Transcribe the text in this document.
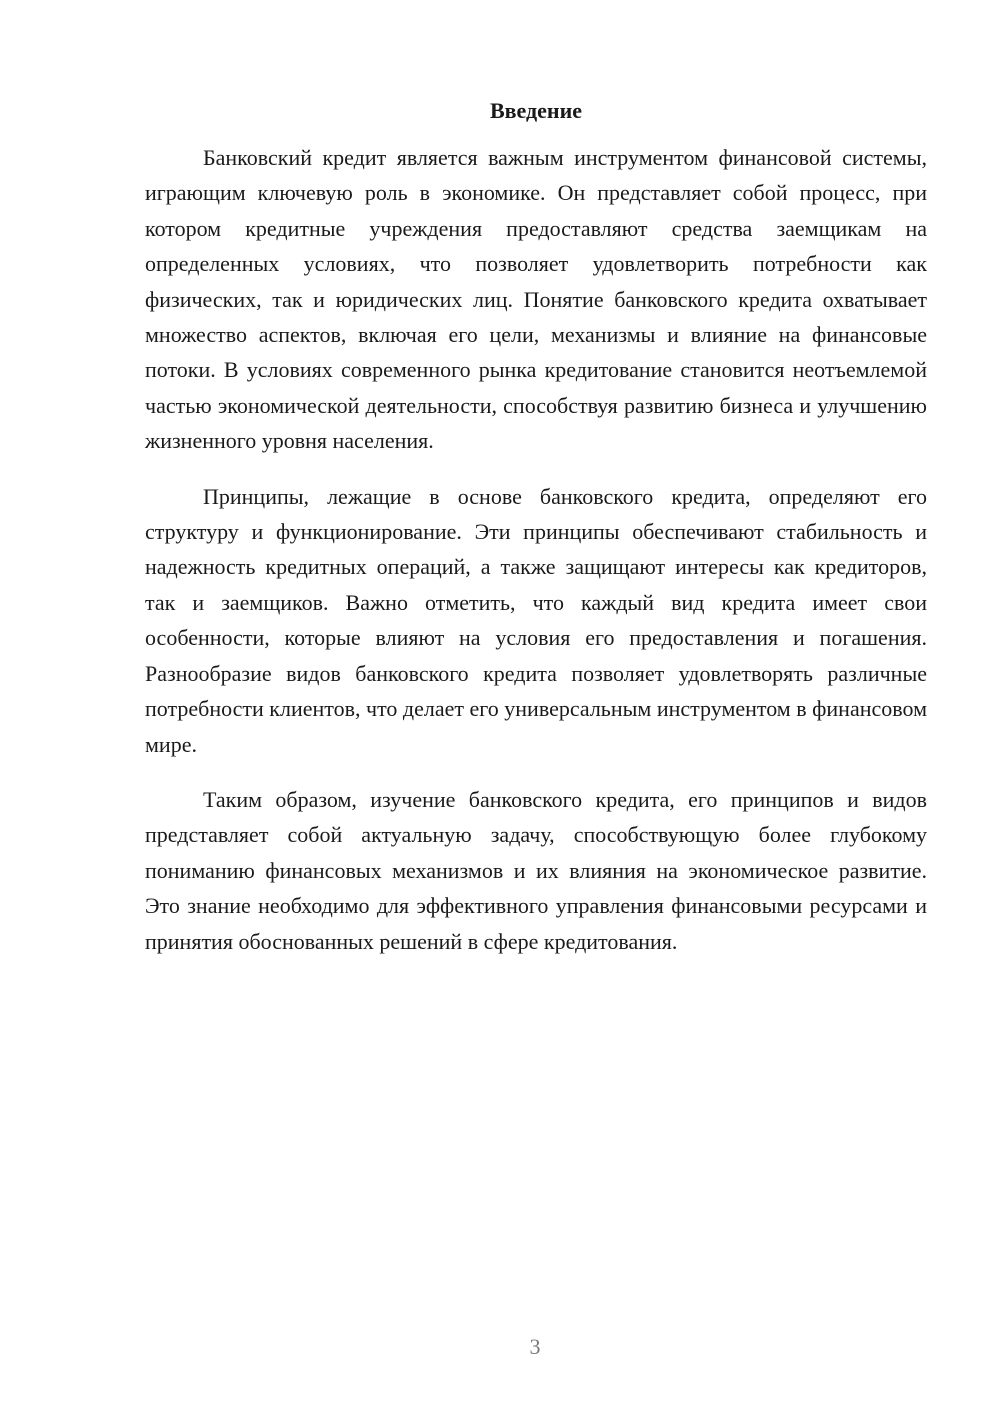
Введение

Банковский кредит является важным инструментом финансовой системы, играющим ключевую роль в экономике. Он представляет собой процесс, при котором кредитные учреждения предоставляют средства заемщикам на определенных условиях, что позволяет удовлетворить потребности как физических, так и юридических лиц. Понятие банковского кредита охватывает множество аспектов, включая его цели, механизмы и влияние на финансовые потоки. В условиях современного рынка кредитование становится неотъемлемой частью экономической деятельности, способствуя развитию бизнеса и улучшению жизненного уровня населения.

Принципы, лежащие в основе банковского кредита, определяют его структуру и функционирование. Эти принципы обеспечивают стабильность и надежность кредитных операций, а также защищают интересы как кредиторов, так и заемщиков. Важно отметить, что каждый вид кредита имеет свои особенности, которые влияют на условия его предоставления и погашения. Разнообразие видов банковского кредита позволяет удовлетворять различные потребности клиентов, что делает его универсальным инструментом в финансовом мире.

Таким образом, изучение банковского кредита, его принципов и видов представляет собой актуальную задачу, способствующую более глубокому пониманию финансовых механизмов и их влияния на экономическое развитие. Это знание необходимо для эффективного управления финансовыми ресурсами и принятия обоснованных решений в сфере кредитования.

3
